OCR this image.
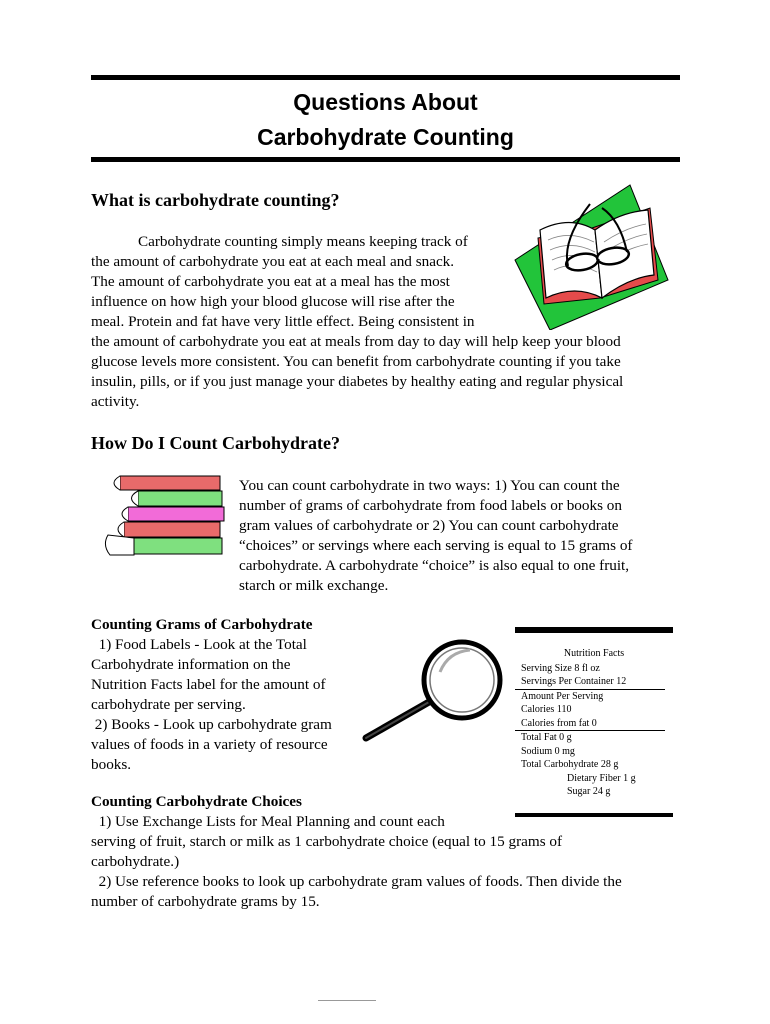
Questions About
Carbohydrate Counting
What is carbohydrate counting?
Carbohydrate counting simply means keeping track of
the amount of carbohydrate you eat at each meal and snack.
The amount of carbohydrate you eat at a meal has the most
influence on how high your blood glucose will rise after the
meal. Protein and fat have very little effect. Being consistent in
the amount of carbohydrate you eat at meals from day to day will help keep your blood
glucose levels more consistent. You can benefit from carbohydrate counting if you take
insulin, pills, or if you just manage your diabetes by healthy eating and regular physical
activity.
How Do I Count Carbohydrate?
You can count carbohydrate in two ways: 1) You can count the
number of grams of carbohydrate from food labels or books on
gram values of carbohydrate or 2) You can count carbohydrate
“choices” or servings where each serving is equal to 15 grams of
carbohydrate. A carbohydrate “choice” is also equal to one fruit,
starch or milk exchange.
Counting Grams of Carbohydrate
1) Food Labels - Look at the Total
Carbohydrate information on the
Nutrition Facts label for the amount of
carbohydrate per serving.
2) Books - Look up carbohydrate gram
values of foods in a variety of resource
books.
Nutrition Facts
Serving Size 8 fl oz
Servings Per Container 12
Amount Per Serving
Calories 110
Calories from fat 0
Total Fat 0 g
Sodium 0 mg
Total Carbohydrate 28 g
Dietary Fiber 1 g
Sugar 24 g
Counting Carbohydrate Choices
1) Use Exchange Lists for Meal Planning and count each
serving of fruit, starch or milk as 1 carbohydrate choice (equal to 15 grams of
carbohydrate.)
2) Use reference books to look up carbohydrate gram values of foods. Then divide the
number of carbohydrate grams by 15.
